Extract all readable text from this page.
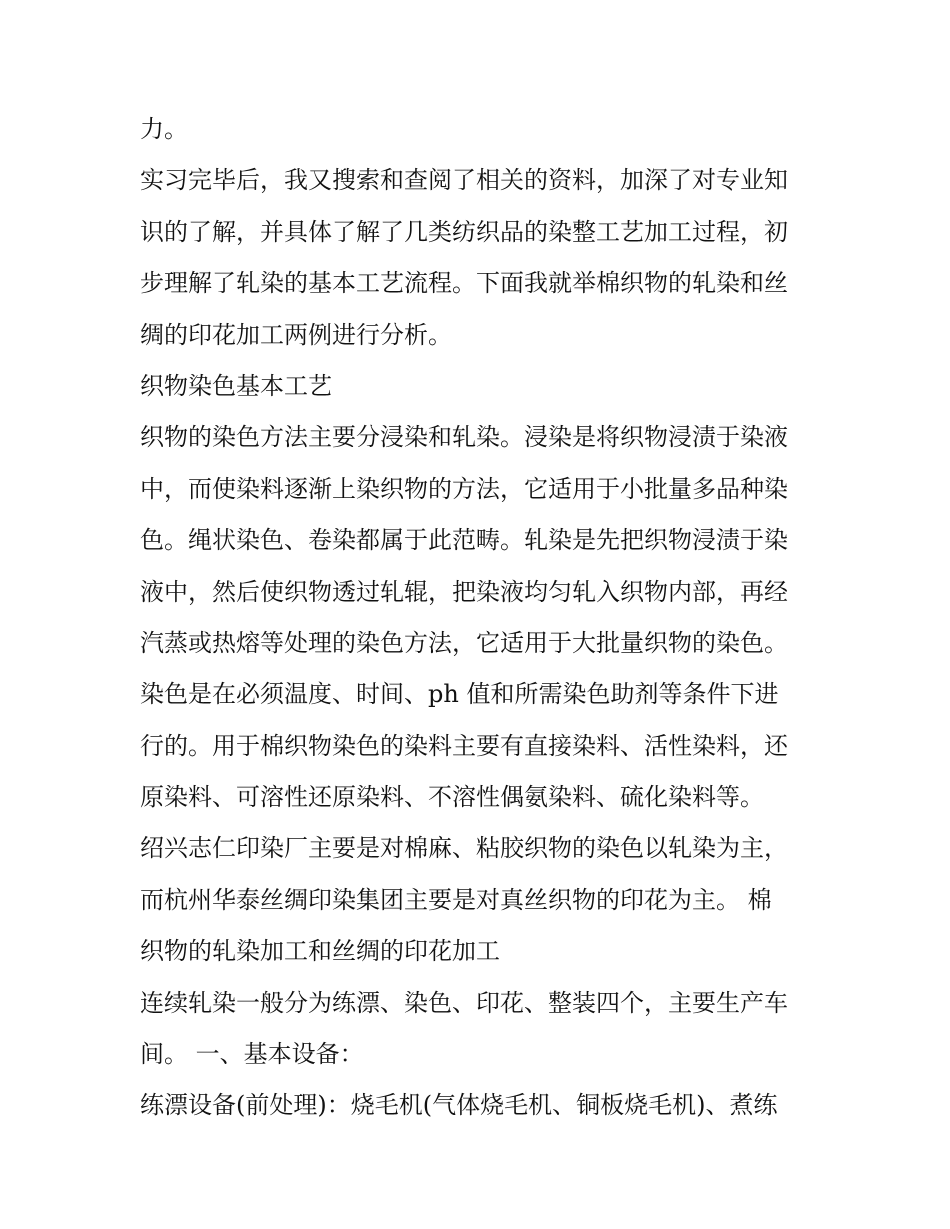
力。
实习完毕后，我又搜索和查阅了相关的资料，加深了对专业知
识的了解，并具体了解了几类纺织品的染整工艺加工过程，初
步理解了轧染的基本工艺流程。下面我就举棉织物的轧染和丝
绸的印花加工两例进行分析。
织物染色基本工艺
织物的染色方法主要分浸染和轧染。浸染是将织物浸渍于染液
中，而使染料逐渐上染织物的方法，它适用于小批量多品种染
色。绳状染色、卷染都属于此范畴。轧染是先把织物浸渍于染
液中，然后使织物透过轧辊，把染液均匀轧入织物内部，再经
汽蒸或热熔等处理的染色方法，它适用于大批量织物的染色。
染色是在必须温度、时间、ph 值和所需染色助剂等条件下进
行的。用于棉织物染色的染料主要有直接染料、活性染料，还
原染料、可溶性还原染料、不溶性偶氨染料、硫化染料等。
绍兴志仁印染厂主要是对棉麻、粘胶织物的染色以轧染为主，
而杭州华泰丝绸印染集团主要是对真丝织物的印花为主。 棉
织物的轧染加工和丝绸的印花加工
连续轧染一般分为练漂、染色、印花、整装四个，主要生产车
间。 一、基本设备：
练漂设备(前处理)：烧毛机(气体烧毛机、铜板烧毛机)、煮练
